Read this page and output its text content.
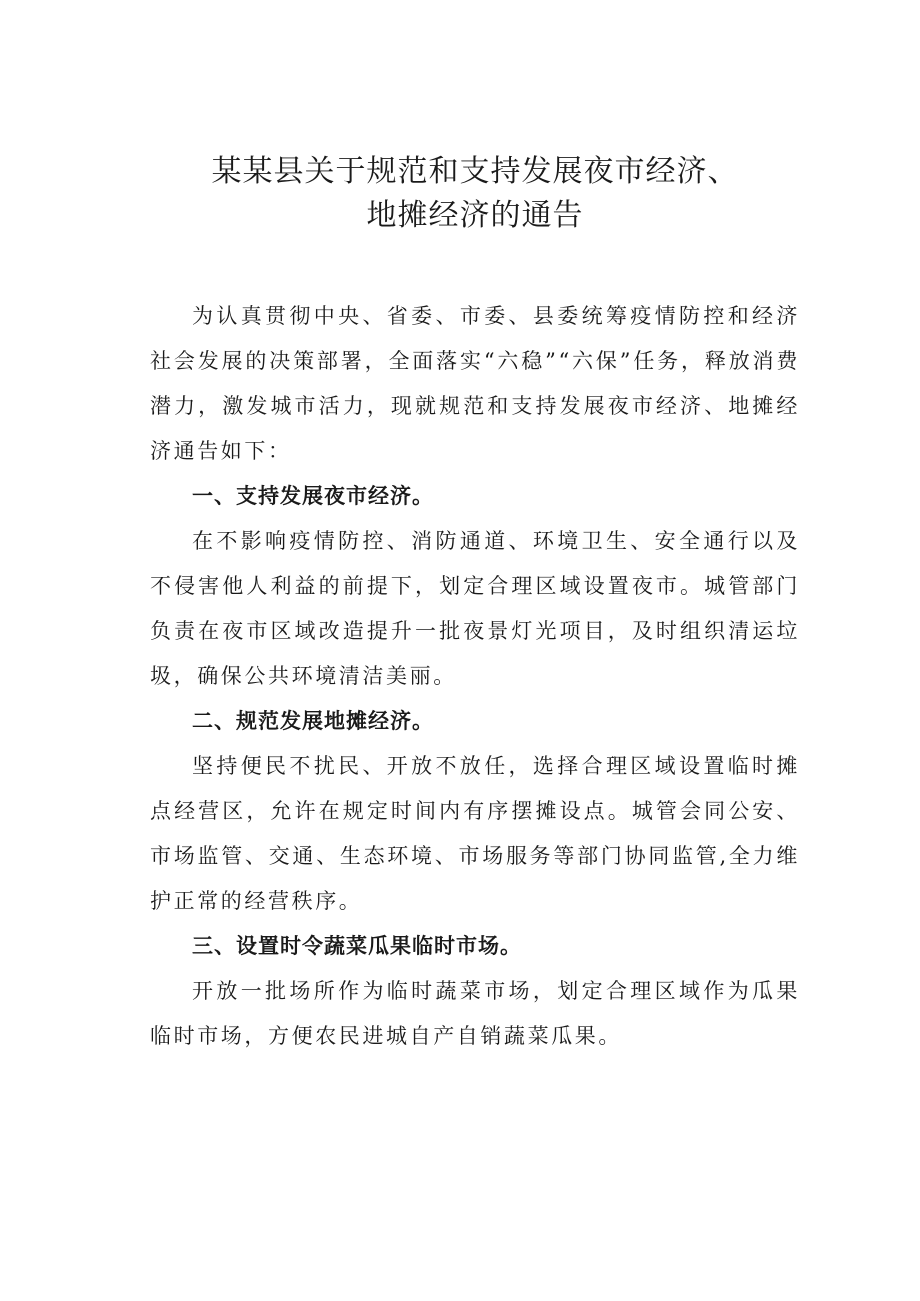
某某县关于规范和支持发展夜市经济、
地摊经济的通告

为认真贯彻中央、省委、市委、县委统筹疫情防控和经济社会发展的决策部署，全面落实“六稳”“六保”任务，释放消费潜力，激发城市活力，现就规范和支持发展夜市经济、地摊经济通告如下：

一、支持发展夜市经济。

在不影响疫情防控、消防通道、环境卫生、安全通行以及不侵害他人利益的前提下，划定合理区域设置夜市。城管部门负责在夜市区域改造提升一批夜景灯光项目，及时组织清运垃圾，确保公共环境清洁美丽。

二、规范发展地摊经济。

坚持便民不扰民、开放不放任，选择合理区域设置临时摊点经营区，允许在规定时间内有序摆摊设点。城管会同公安、市场监管、交通、生态环境、市场服务等部门协同监管,全力维护正常的经营秩序。

三、设置时令蔬菜瓜果临时市场。

开放一批场所作为临时蔬菜市场，划定合理区域作为瓜果临时市场，方便农民进城自产自销蔬菜瓜果。
